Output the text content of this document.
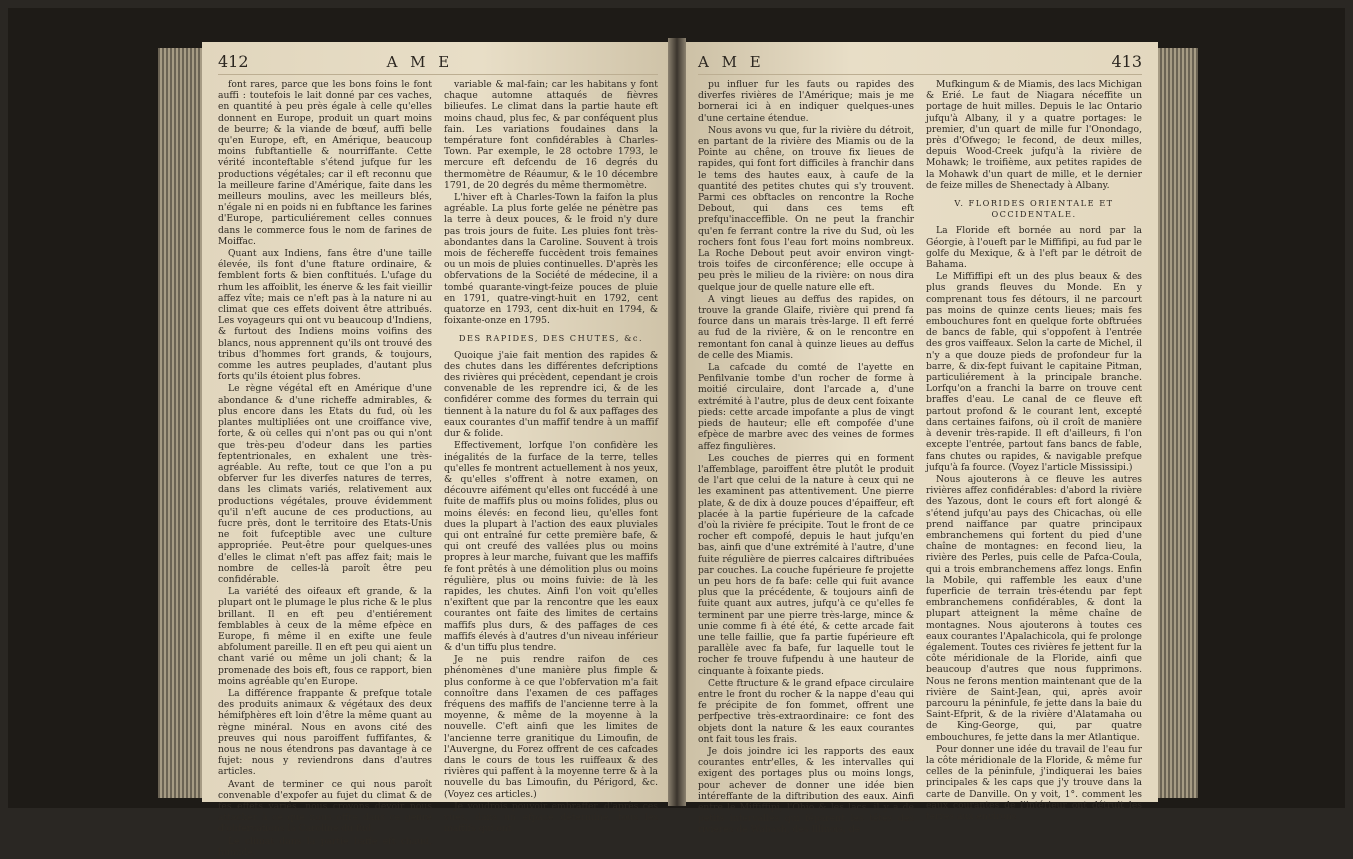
412	A M E

font rares, parce que les bons foins le font auffi : toutefois le lait donné par ces vaches, en quantité à peu près égale à celle qu'elles donnent en Europe, produit un quart moins de beurre; & la viande de bœuf, auffi belle qu'en Europe, eft, en Amérique, beaucoup moins fubftantielle & nourriffante. Cette vérité inconteftable s'étend jufque fur les productions végétales; car il eft reconnu que la meilleure farine d'Amérique, faite dans les meilleurs moulins, avec les meilleurs blés, n'égale ni en poids ni en fubftance les farines d'Europe, particuliérement celles connues dans le commerce fous le nom de farines de Moiffac.

Quant aux Indiens, fans être d'une taille élevée, ils font d'une ftature ordinaire, & femblent forts & bien conftitués. L'ufage du rhum les affoiblit, les énerve & les fait vieillir affez vîte; mais ce n'eft pas à la nature ni au climat que ces effets doivent être attribués. Les voyageurs qui ont vu beaucoup d'Indiens, & furtout des Indiens moins voifins des blancs, nous apprennent qu'ils ont trouvé des tribus d'hommes fort grands, & toujours, comme les autres peuplades, d'autant plus forts qu'ils étoient plus fobres.

Le règne végétal eft en Amérique d'une abondance & d'une richeffe admirables, & plus encore dans les Etats du fud, où les plantes multipliées ont une croiffance vive, forte, & où celles qui n'ont pas ou qui n'ont que très-peu d'odeur dans les parties feptentrionales, en exhalent une très-agréable. Au refte, tout ce que l'on a pu obferver fur les diverfes natures de terres, dans les climats variés, relativement aux productions végétales, prouve évidemment qu'il n'eft aucune de ces productions, au fucre près, dont le territoire des Etats-Unis ne foit fufceptible avec une culture appropriée. Peut-être pour quelques-unes d'elles le climat n'eft pas affez fait; mais le nombre de celles-là paroît être peu confidérable.

La variété des oifeaux eft grande, & la plupart ont le plumage le plus riche & le plus brillant. Il en eft peu d'entiérement femblables à ceux de la même efpèce en Europe, fi même il en exifte une feule abfolument pareille. Il en eft peu qui aient un chant varié ou même un joli chant; & la promenade des bois eft, fous ce rapport, bien moins agréable qu'en Europe.

La différence frappante & prefque totale des produits animaux & végétaux des deux hémifphères eft loin d'être la même quant au règne minéral. Nous en avons cité des preuves qui nous paroiffent fuffifantes, & nous ne nous étendrons pas davantage à ce fujet: nous y reviendrons dans d'autres articles.

Avant de terminer ce qui nous paroît convenable d'expofer au fujet du climat & de fes effets variés, nous croyons devoir nous attacher à ce que nous offre dans ce genre d'obfervations la Caroline du fud.

Le climat dans la partie baffe eft chaud, humide,

variable & mal-fain; car les habitans y font chaque automne attaqués de fièvres bilieufes. Le climat dans la partie haute eft moins chaud, plus fec, & par conféquent plus fain. Les variations foudaines dans la température font confidérables à Charles-Town. Par exemple, le 28 octobre 1793, le mercure eft defcendu de 16 degrés du thermomètre de Réaumur, & le 10 décembre 1791, de 20 degrés du même thermomètre.

L'hiver eft à Charles-Town la faifon la plus agréable. La plus forte gelée ne pénètre pas la terre à deux pouces, & le froid n'y dure pas trois jours de fuite. Les pluies font très-abondantes dans la Caroline. Souvent à trois mois de féchereffe fuccèdent trois femaines ou un mois de pluies continuelles. D'après les obfervations de la Société de médecine, il a tombé quarante-vingt-feize pouces de pluie en 1791, quatre-vingt-huit en 1792, cent quatorze en 1793, cent dix-huit en 1794, & foixante-onze en 1795.

DES RAPIDES, DES CHUTES, &c.

Quoique j'aie fait mention des rapides & des chutes dans les différentes defcriptions des rivières qui précèdent, cependant je crois convenable de les reprendre ici, & de les confidérer comme des formes du terrain qui tiennent à la nature du fol & aux paffages des eaux courantes d'un maffif tendre à un maffif dur & folide.

Effectivement, lorfque l'on confidère les inégalités de la furface de la terre, telles qu'elles fe montrent actuellement à nos yeux, & qu'elles s'offrent à notre examen, on découvre aifément qu'elles ont fuccédé à une fuite de maffifs plus ou moins folides, plus ou moins élevés: en fecond lieu, qu'elles font dues la plupart à l'action des eaux pluviales qui ont entraîné fur cette première bafe, & qui ont creufé des vallées plus ou moins propres à leur marche, fuivant que les maffifs fe font prêtés à une démolition plus ou moins régulière, plus ou moins fuivie: de là les rapides, les chutes. Ainfi l'on voit qu'elles n'exiftent que par la rencontre que les eaux courantes ont faite des limites de certains maffifs plus durs, & des paffages de ces maffifs élevés à d'autres d'un niveau inférieur & d'un tiffu plus tendre.

Je ne puis rendre raifon de ces phénomènes d'une manière plus fimple & plus conforme à ce que l'obfervation m'a fait connoître dans l'examen de ces paffages fréquens des maffifs de l'ancienne terre à la moyenne, & même de la moyenne à la nouvelle. C'eft ainfi que les limites de l'ancienne terre granitique du Limoufin, de l'Auvergne, du Forez offrent de ces cafcades dans le cours de tous les ruiffeaux & des rivières qui paffent à la moyenne terre & à la nouvelle du bas Limoufin, du Périgord, &c. (Voyez ces articles.)

Je voudrois pouvoir embraffer, d'après ces vues, dans un efpace déterminé, tous les maffifs qui ont

A M E	413

pu influer fur les fauts ou rapides des diverfes rivières de l'Amérique; mais je me bornerai ici à en indiquer quelques-unes d'une certaine étendue.

Nous avons vu que, fur la rivière du détroit, en partant de la rivière des Miamis ou de la Pointe au chêne, on trouve fix lieues de rapides, qui font fort difficiles à franchir dans le tems des hautes eaux, à caufe de la quantité des petites chutes qui s'y trouvent. Parmi ces obftacles on rencontre la Roche Debout, qui dans ces tems eft prefqu'inacceffible. On ne peut la franchir qu'en fe ferrant contre la rive du Sud, où les rochers font fous l'eau fort moins nombreux. La Roche Debout peut avoir environ vingt-trois toifes de circonférence; elle occupe à peu près le milieu de la rivière: on nous dira quelque jour de quelle nature elle eft.

A vingt lieues au deffus des rapides, on trouve la grande Glaife, rivière qui prend fa fource dans un marais très-large. Il eft ferré au fud de la rivière, & on le rencontre en remontant fon canal à quinze lieues au deffus de celle des Miamis.

La cafcade du comté de l'ayette en Penfilvanie tombe d'un rocher de forme à moitié circulaire, dont l'arcade a, d'une extrémité à l'autre, plus de deux cent foixante pieds: cette arcade impofante a plus de vingt pieds de hauteur; elle eft compofée d'une efpèce de marbre avec des veines de formes affez fingulières.

Les couches de pierres qui en forment l'affemblage, paroiffent être plutôt le produit de l'art que celui de la nature à ceux qui ne les examinent pas attentivement. Une pierre plate, & de dix à douze pouces d'épaiffeur, eft placée à la partie fupérieure de la cafcade d'où la rivière fe précipite. Tout le front de ce rocher eft compofé, depuis le haut jufqu'en bas, ainfi que d'une extrémité à l'autre, d'une fuite régulière de pierres calcaires diftribuées par couches. La couche fupérieure fe projette un peu hors de fa bafe: celle qui fuit avance plus que la précédente, & toujours ainfi de fuite quant aux autres, jufqu'à ce qu'elles fe terminent par une pierre très-large, mince & unie comme fi à été été, & cette arcade fait une telle faillie, que fa partie fupérieure eft parallèle avec fa bafe, fur laquelle tout le rocher fe trouve fufpendu à une hauteur de cinquante à foixante pieds.

Cette ftructure & le grand efpace circulaire entre le front du rocher & la nappe d'eau qui fe précipite de fon fommet, offrent une perfpective très-extraordinaire: ce font des objets dont la nature & les eaux courantes ont fait tous les frais.

Je dois joindre ici les rapports des eaux courantes entr'elles, & les intervalles qui exigent des portages plus ou moins longs, pour achever de donner une idée bien intéreffante de la diftribution des eaux. Ainfi entre le Miffiffipi, l'Ohio & les lacs, il y a de petits intervalles qui féparent les têtes des rivières de Wabash, des Illinois, de

Mufkingum & de Miamis, des lacs Michigan & Erié. Le faut de Niagara néceffite un portage de huit milles. Depuis le lac Ontario jufqu'à Albany, il y a quatre portages: le premier, d'un quart de mille fur l'Onondago, près d'Ofwego; le fecond, de deux milles, depuis Wood-Creek jufqu'à la rivière de Mohawk; le troifième, aux petites rapides de la Mohawk d'un quart de mille, et le dernier de feize milles de Shenectady à Albany.

V. FLORIDES ORIENTALE ET OCCIDENTALE.

La Floride eft bornée au nord par la Géorgie, à l'oueft par le Miffifipi, au fud par le golfe du Mexique, & à l'eft par le détroit de Bahama.

Le Miffiffipi eft un des plus beaux & des plus grands fleuves du Monde. En y comprenant tous fes détours, il ne parcourt pas moins de quinze cents lieues; mais fes embouchures font en quelque forte obftruées de bancs de fable, qui s'oppofent à l'entrée des gros vaiffeaux. Selon la carte de Michel, il n'y a que douze pieds de profondeur fur la barre, & dix-fept fuivant le capitaine Pitman, particuliérement à la principale branche. Lorfqu'on a franchi la barre on trouve cent braffes d'eau. Le canal de ce fleuve eft partout profond & le courant lent, excepté dans certaines faifons, où il croît de manière à devenir très-rapide. Il eft d'ailleurs, fi l'on excepte l'entrée, partout fans bancs de fable, fans chutes ou rapides, & navigable prefque jufqu'à fa fource. (Voyez l'article Mississipi.)

Nous ajouterons à ce fleuve les autres rivières affez confidérables: d'abord la rivière des Yazous, dont le cours eft fort alongé & s'étend jufqu'au pays des Chicachas, où elle prend naiffance par quatre principaux embranchemens qui fortent du pied d'une chaîne de montagnes: en fecond lieu, la rivière des Perles, puis celle de Pafca-Coula, qui a trois embranchemens affez longs. Enfin la Mobile, qui raffemble les eaux d'une fuperficie de terrain très-étendu par fept embranchemens confidérables, & dont la plupart atteignent la même chaîne de montagnes. Nous ajouterons à toutes ces eaux courantes l'Apalachicola, qui fe prolonge également. Toutes ces rivières fe jettent fur la côte méridionale de la Floride, ainfi que beaucoup d'autres que nous fupprimons. Nous ne ferons mention maintenant que de la rivière de Saint-Jean, qui, après avoir parcouru la péninfule, fe jette dans la baie du Saint-Efprit, & de la rivière d'Alatamaha ou de King-George, qui, par quatre embouchures, fe jette dans la mer Atlantique.

Pour donner une idée du travail de l'eau fur la côte méridionale de la Floride, & même fur celles de la péninfule, j'indiquerai les baies principales & les caps que j'y trouve dans la carte de Danville. On y voit, 1°. comment les eaux courantes de l'intérieur ont détruit les terres aux environs
